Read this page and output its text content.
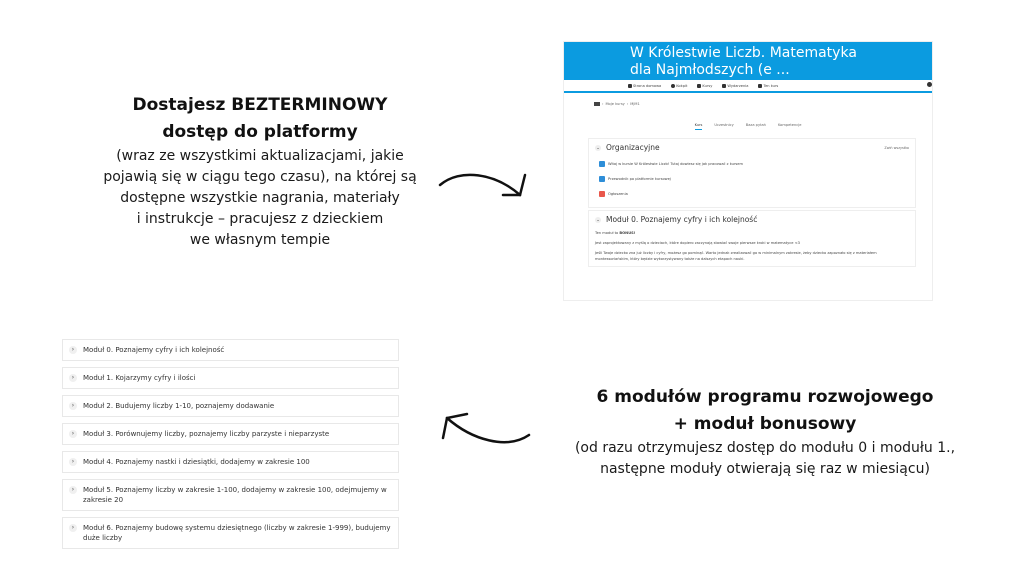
Dostajesz BEZTERMINOWY
dostęp do platformy
(wraz ze wszystkimi aktualizacjami, jakie
pojawią się w ciągu tego czasu), na której są
dostępne wszystkie nagrania, materiały
i instrukcje – pracujesz z dzieckiem
we własnym tempie
W Królestwie Liczb. Matematyka
dla Najmłodszych (e ...
Strona domowa	Kokpit	Kursy	Wydarzenia	Ten kurs
› Moje kursy › MJM1
Kurs	Uczestnicy	Baza pytań	Kompetencje
⌄ Organizacyjne	Zwiń wszystko
Witaj w kursie W Królestwie Liczb! Tutaj dowiesz się jak pracować z kursem
Przewodnik po platformie kursowej
Ogłoszenia
⌄ Moduł 0. Poznajemy cyfry i ich kolejność
Ten moduł to BONUS!
Jest zaprojektowany z myślą o dzieciach, które dopiero zaczynają stawiać swoje pierwsze kroki w matematyce <3
Jeśli Twoje dziecko zna już liczby i cyfry, możesz go pominąć. Warto jednak zrealizować go w minimalnym zakresie, żeby dziecko zapoznało się z materiałem montessoriańskim, który będzie wykorzystywany także na dalszych etapach nauki.
›	Moduł 0. Poznajemy cyfry i ich kolejność
›	Moduł 1. Kojarzymy cyfry i ilości
›	Moduł 2. Budujemy liczby 1-10, poznajemy dodawanie
›	Moduł 3. Porównujemy liczby, poznajemy liczby parzyste i nieparzyste
›	Moduł 4. Poznajemy nastki i dziesiątki, dodajemy w zakresie 100
›	Moduł 5. Poznajemy liczby w zakresie 1-100, dodajemy w zakresie 100, odejmujemy w zakresie 20
›	Moduł 6. Poznajemy budowę systemu dziesiętnego (liczby w zakresie 1-999), budujemy duże liczby
6 modułów programu rozwojowego
+ moduł bonusowy
(od razu otrzymujesz dostęp do modułu 0 i modułu 1.,
następne moduły otwierają się raz w miesiącu)
